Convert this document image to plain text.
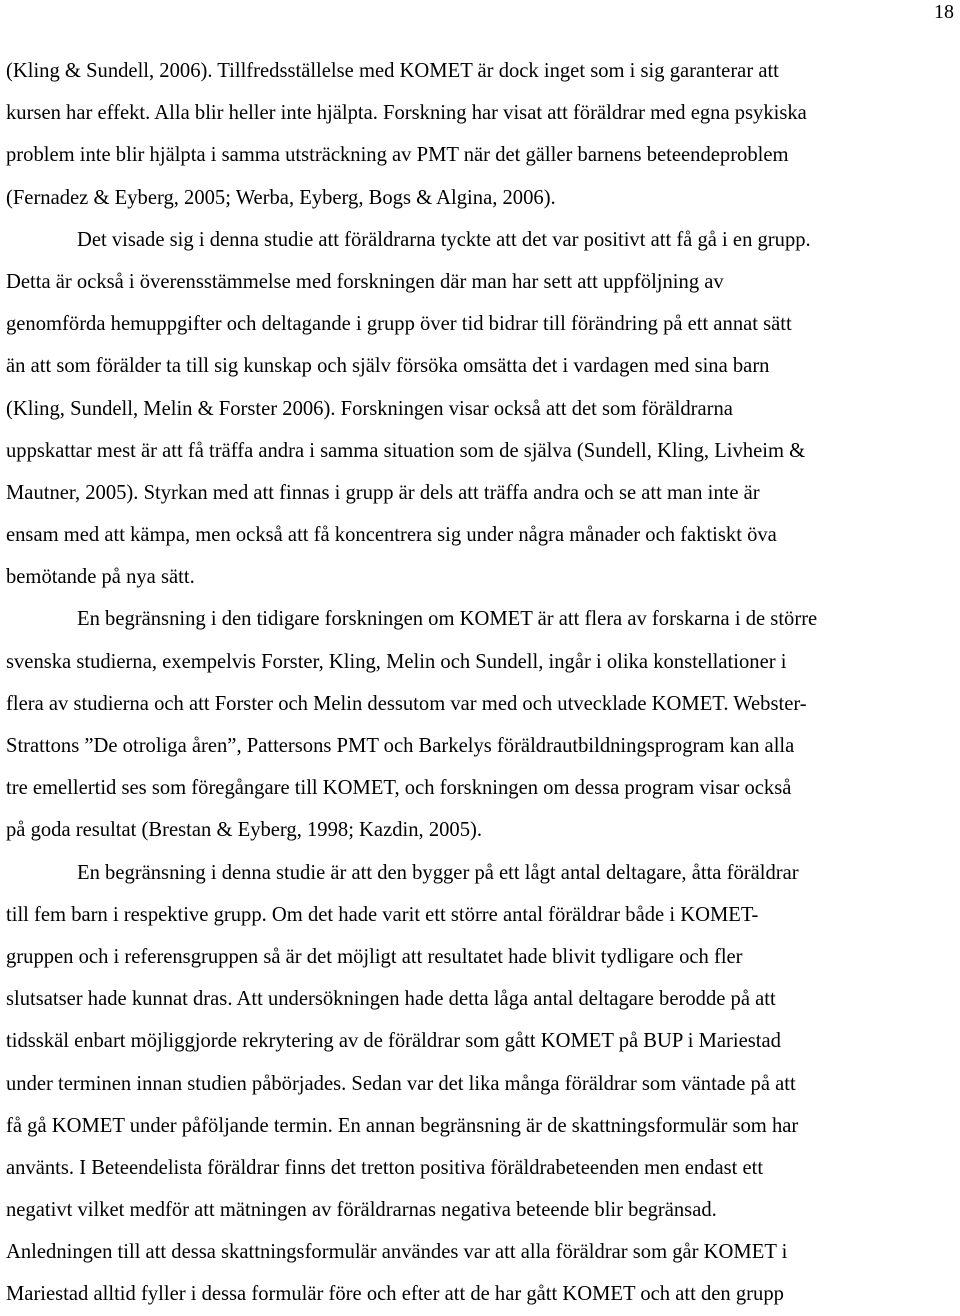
18
(Kling & Sundell, 2006). Tillfredsställelse med KOMET är dock inget som i sig garanterar att
kursen har effekt. Alla blir heller inte hjälpta. Forskning har visat att föräldrar med egna psykiska
problem inte blir hjälpta i samma utsträckning av PMT när det gäller barnens beteendeproblem
(Fernadez & Eyberg, 2005; Werba, Eyberg, Bogs & Algina, 2006).
Det visade sig i denna studie att föräldrarna tyckte att det var positivt att få gå i en grupp.
Detta är också i överensstämmelse med forskningen där man har sett att uppföljning av
genomförda hemuppgifter och deltagande i grupp över tid bidrar till förändring på ett annat sätt
än att som förälder ta till sig kunskap och själv försöka omsätta det i vardagen med sina barn
(Kling, Sundell, Melin & Forster 2006). Forskningen visar också att det som föräldrarna
uppskattar mest är att få träffa andra i samma situation som de själva (Sundell, Kling, Livheim &
Mautner, 2005). Styrkan med att finnas i grupp är dels att träffa andra och se att man inte är
ensam med att kämpa, men också att få koncentrera sig under några månader och faktiskt öva
bemötande på nya sätt.
En begränsning i den tidigare forskningen om KOMET är att flera av forskarna i de större
svenska studierna, exempelvis Forster, Kling, Melin och Sundell, ingår i olika konstellationer i
flera av studierna och att Forster och Melin dessutom var med och utvecklade KOMET. Webster-
Strattons ”De otroliga åren”, Pattersons PMT och Barkelys föräldrautbildningsprogram kan alla
tre emellertid ses som föregångare till KOMET, och forskningen om dessa program visar också
på goda resultat (Brestan & Eyberg, 1998; Kazdin, 2005).
En begränsning i denna studie är att den bygger på ett lågt antal deltagare, åtta föräldrar
till fem barn i respektive grupp. Om det hade varit ett större antal föräldrar både i KOMET-
gruppen och i referensgruppen så är det möjligt att resultatet hade blivit tydligare och fler
slutsatser hade kunnat dras. Att undersökningen hade detta låga antal deltagare berodde på att
tidsskäl enbart möjliggjorde rekrytering av de föräldrar som gått KOMET på BUP i Mariestad
under terminen innan studien påbörjades. Sedan var det lika många föräldrar som väntade på att
få gå KOMET under påföljande termin. En annan begränsning är de skattningsformulär som har
använts. I Beteendelista föräldrar finns det tretton positiva föräldrabeteenden men endast ett
negativt vilket medför att mätningen av föräldrarnas negativa beteende blir begränsad.
Anledningen till att dessa skattningsformulär användes var att alla föräldrar som går KOMET i
Mariestad alltid fyller i dessa formulär före och efter att de har gått KOMET och att den grupp
